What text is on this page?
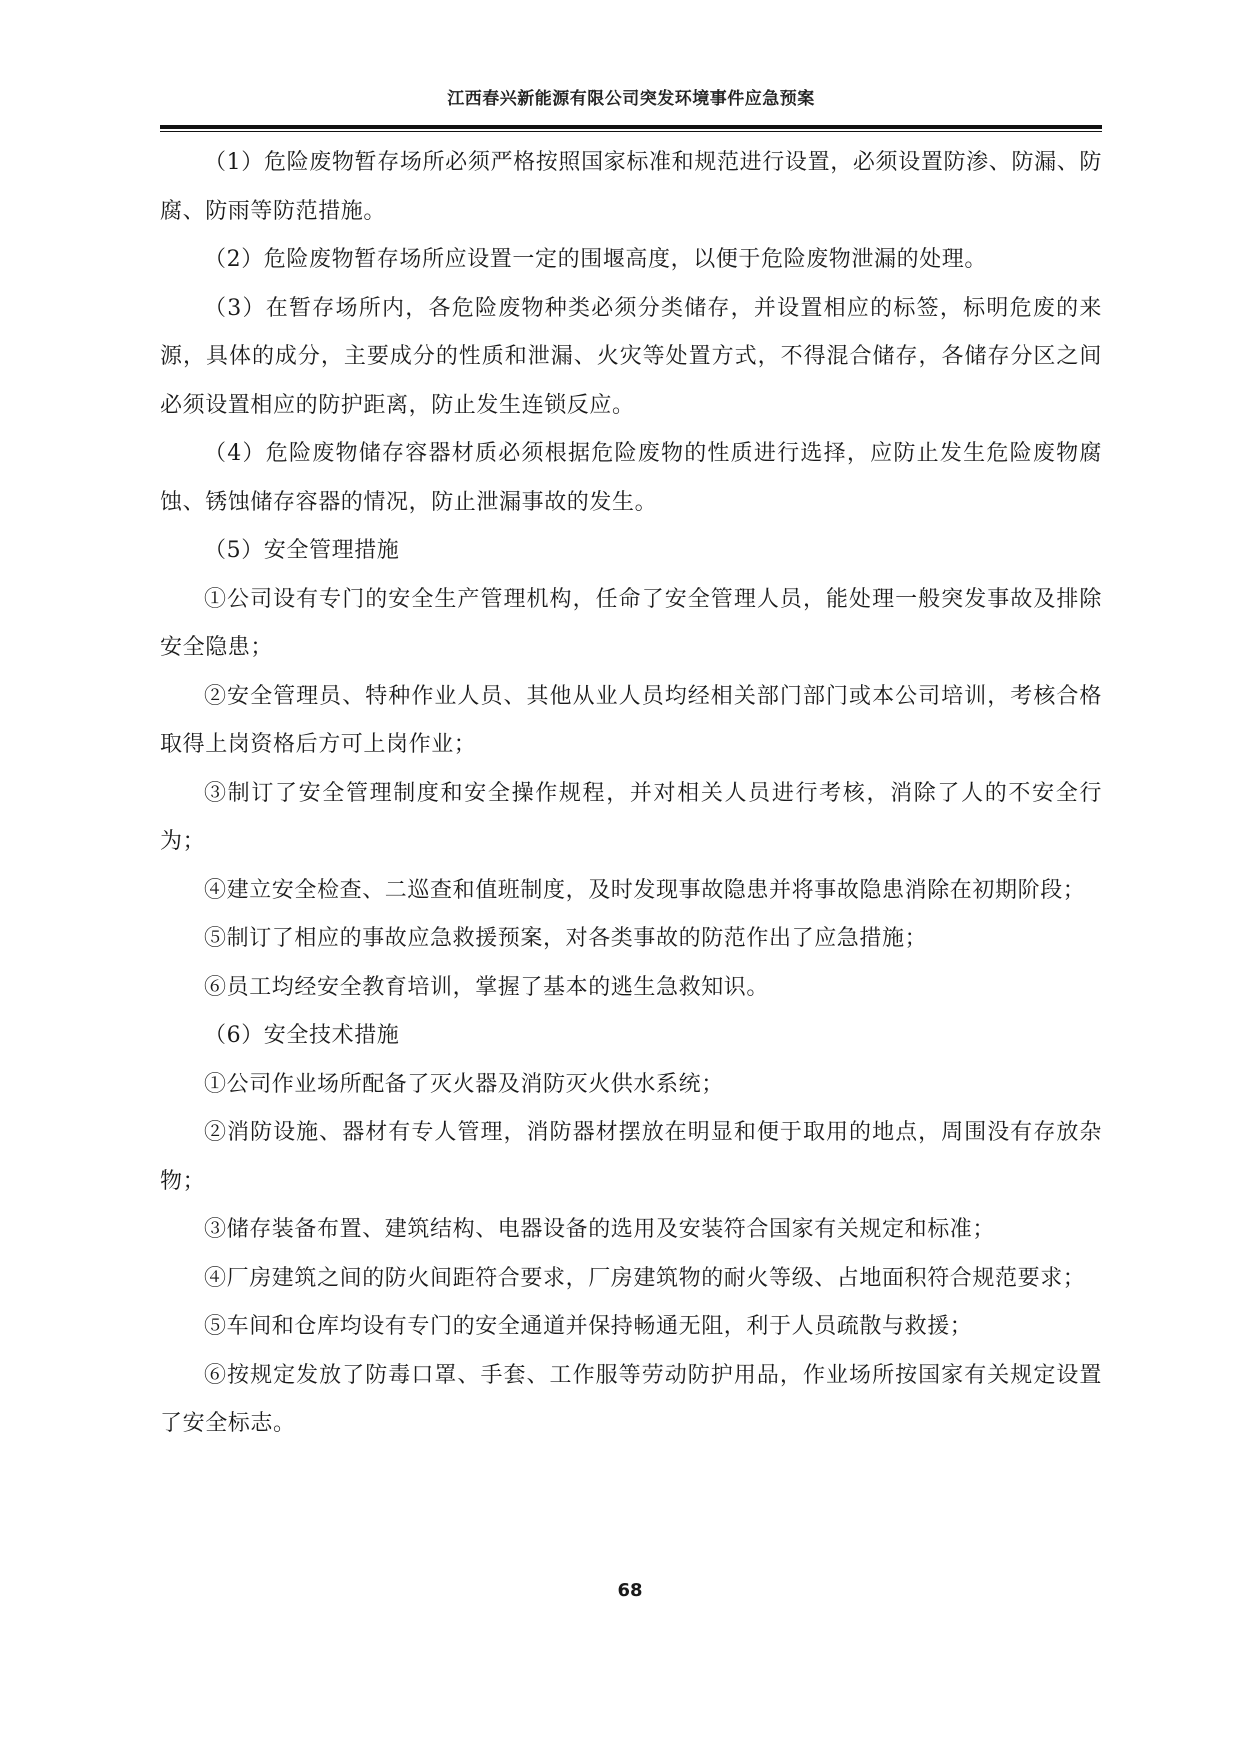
江西春兴新能源有限公司突发环境事件应急预案

（1）危险废物暂存场所必须严格按照国家标准和规范进行设置，必须设置防渗、防漏、防腐、防雨等防范措施。

（2）危险废物暂存场所应设置一定的围堰高度，以便于危险废物泄漏的处理。

（3）在暂存场所内，各危险废物种类必须分类储存，并设置相应的标签，标明危废的来源，具体的成分，主要成分的性质和泄漏、火灾等处置方式，不得混合储存，各储存分区之间必须设置相应的防护距离，防止发生连锁反应。

（4）危险废物储存容器材质必须根据危险废物的性质进行选择，应防止发生危险废物腐蚀、锈蚀储存容器的情况，防止泄漏事故的发生。

（5）安全管理措施

①公司设有专门的安全生产管理机构，任命了安全管理人员，能处理一般突发事故及排除安全隐患；

②安全管理员、特种作业人员、其他从业人员均经相关部门部门或本公司培训，考核合格取得上岗资格后方可上岗作业；

③制订了安全管理制度和安全操作规程，并对相关人员进行考核，消除了人的不安全行为；

④建立安全检查、二巡查和值班制度，及时发现事故隐患并将事故隐患消除在初期阶段；

⑤制订了相应的事故应急救援预案，对各类事故的防范作出了应急措施；

⑥员工均经安全教育培训，掌握了基本的逃生急救知识。

（6）安全技术措施

①公司作业场所配备了灭火器及消防灭火供水系统；

②消防设施、器材有专人管理，消防器材摆放在明显和便于取用的地点，周围没有存放杂物；

③储存装备布置、建筑结构、电器设备的选用及安装符合国家有关规定和标准；

④厂房建筑之间的防火间距符合要求，厂房建筑物的耐火等级、占地面积符合规范要求；

⑤车间和仓库均设有专门的安全通道并保持畅通无阻，利于人员疏散与救援；

⑥按规定发放了防毒口罩、手套、工作服等劳动防护用品，作业场所按国家有关规定设置了安全标志。

68
